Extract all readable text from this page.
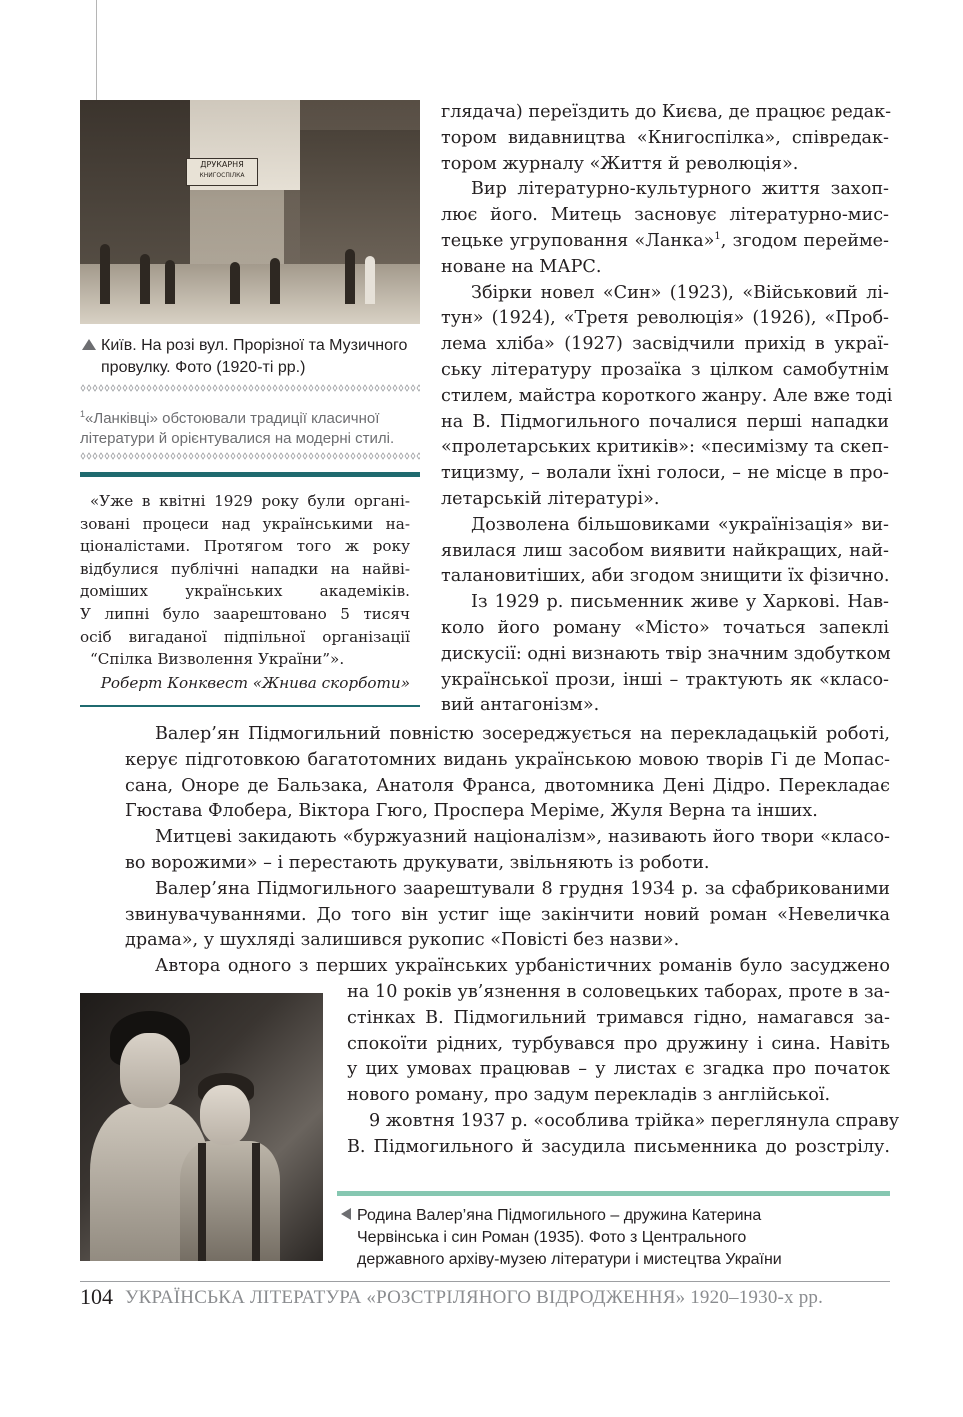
ДРУКАРНЯ
КНИГОСПІЛКА
Київ. На розі вул. Прорізної та Музичного
провулку. Фото (1920-ті рр.)
$^1$«Ланківці» обстоювали традиції класичної
літератури й орієнтувалися на модерні стилі.
«Уже в квітні 1929 року були органі-
зовані процеси над українськими на-
ціоналістами. Протягом того ж року
відбулися публічні нападки на найві-
доміших українських академіків.
У липні було заарештовано 5 тисяч
осіб вигаданої підпільної організації
“Спілка Визволення України”».
Роберт Конквест «Жнива скорботи»
глядача) переїздить до Києва, де працює редак-
тором видавництва «Книгоспілка», співредак-
тором журналу «Життя й революція».
Вир літературно-культурного життя захоп-
лює його. Митець засновує літературно-мис-
тецьке угруповання «Ланка»$^1$, згодом перейме-
новане на МАРС.
Збірки новел «Син» (1923), «Військовий лі-
тун» (1924), «Третя революція» (1926), «Проб-
лема хліба» (1927) засвідчили прихід в украї-
ську літературу прозаїка з цілком самобутнім
стилем, майстра короткого жанру. Але вже тоді
на В. Підмогильного почалися перші нападки
«пролетарських критиків»: «песимізму та скеп-
тицизму, – волали їхні голоси, – не місце в про-
летарській літературі».
Дозволена більшовиками «українізація» ви-
явилася лиш засобом виявити найкращих, най-
талановитіших, аби згодом знищити їх фізично.
Із 1929 р. письменник живе у Харкові. Нав-
коло його роману «Місто» точаться запеклі
дискусії: одні визнають твір значним здобутком
української прози, інші – трактують як «класо-
вий антагонізм».
Валер’ян Підмогильний повністю зосереджується на перекладацькій роботі,
керує підготовкою багатотомних видань українською мовою творів Гі де Мопас-
сана, Оноре де Бальзака, Анатоля Франса, двотомника Дені Дідро. Перекладає
Гюстава Флобера, Віктора Гюго, Проспера Меріме, Жуля Верна та інших.
Митцеві закидають «буржуазний націоналізм», називають його твори «класо-
во ворожими» – і перестають друкувати, звільняють із роботи.
Валер’яна Підмогильного заарештували 8 грудня 1934 р. за сфабрикованими
звинувачуваннями. До того він устиг іще закінчити новий роман «Невеличка
драма», у шухляді залишився рукопис «Повісті без назви».
Автора одного з перших українських урбаністичних романів було засуджено
на 10 років ув’язнення в соловецьких таборах, проте в за-
стінках В. Підмогильний тримався гідно, намагався за-
спокоїти рідних, турбувався про дружину і сина. Навіть
у цих умовах працював – у листах є згадка про початок
нового роману, про задум перекладів з англійської.
9 жовтня 1937 р. «особлива трійка» переглянула справу
В. Підмогильного й засудила письменника до розстрілу.
Родина Валер’яна Підмогильного – дружина Катерина
Червінська і син Роман (1935). Фото з Центрального
державного архіву-музею літератури і мистецтва України
104 УКРАЇНСЬКА ЛІТЕРАТУРА «РОЗСТРІЛЯНОГО ВІДРОДЖЕННЯ» 1920–1930-х рр.
